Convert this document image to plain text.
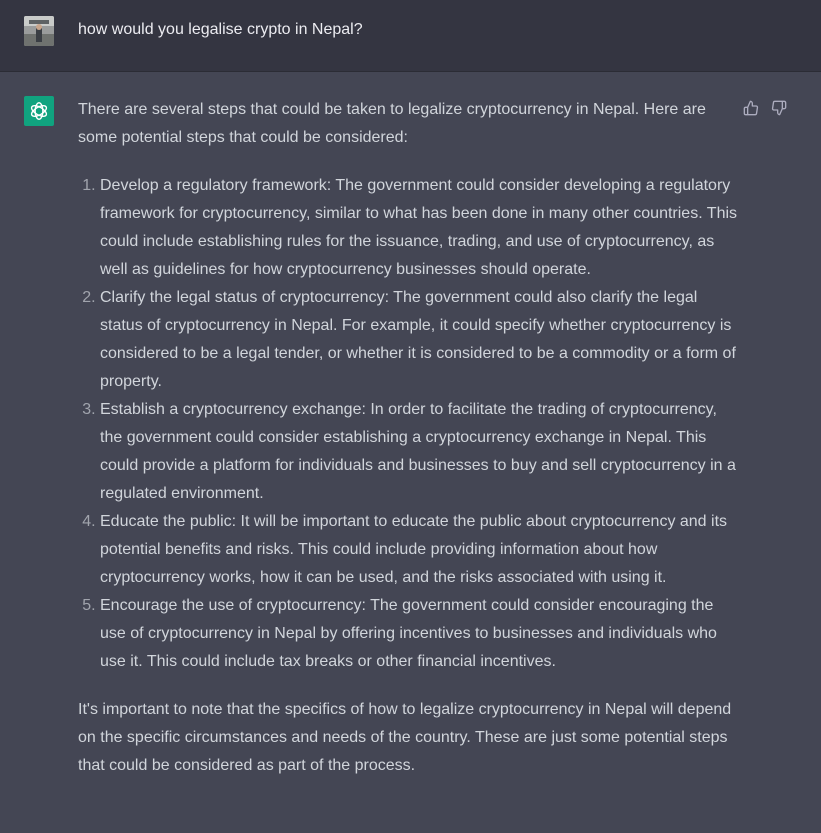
how would you legalise crypto in Nepal?

There are several steps that could be taken to legalize cryptocurrency in Nepal. Here are some potential steps that could be considered:

1. Develop a regulatory framework: The government could consider developing a regulatory framework for cryptocurrency, similar to what has been done in many other countries. This could include establishing rules for the issuance, trading, and use of cryptocurrency, as well as guidelines for how cryptocurrency businesses should operate.
2. Clarify the legal status of cryptocurrency: The government could also clarify the legal status of cryptocurrency in Nepal. For example, it could specify whether cryptocurrency is considered to be a legal tender, or whether it is considered to be a commodity or a form of property.
3. Establish a cryptocurrency exchange: In order to facilitate the trading of cryptocurrency, the government could consider establishing a cryptocurrency exchange in Nepal. This could provide a platform for individuals and businesses to buy and sell cryptocurrency in a regulated environment.
4. Educate the public: It will be important to educate the public about cryptocurrency and its potential benefits and risks. This could include providing information about how cryptocurrency works, how it can be used, and the risks associated with using it.
5. Encourage the use of cryptocurrency: The government could consider encouraging the use of cryptocurrency in Nepal by offering incentives to businesses and individuals who use it. This could include tax breaks or other financial incentives.

It's important to note that the specifics of how to legalize cryptocurrency in Nepal will depend on the specific circumstances and needs of the country. These are just some potential steps that could be considered as part of the process.
